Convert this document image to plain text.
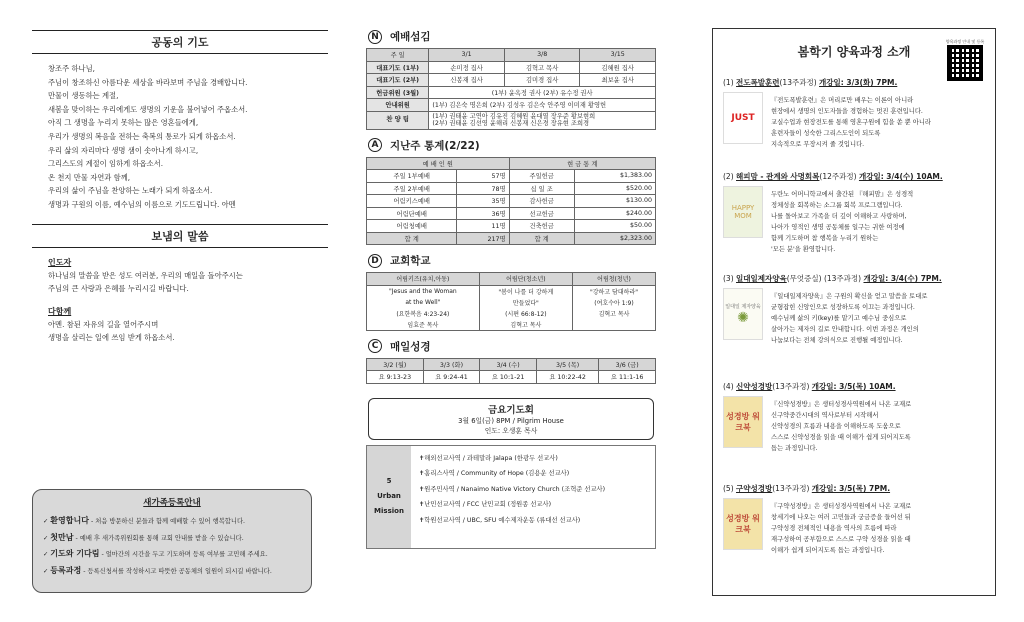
공동의 기도

창조주 하나님,

주님이 창조하신 아름다운 세상을 바라보며 주님을 경배합니다.

만물이 생동하는 계절,

새봄을 맞이하는 우리에게도 생명의 기운을 불어넣어 주옵소서.

아직 그 생명을 누리지 못하는 많은 영혼들에게,

우리가 생명의 복음을 전하는 축복의 통로가 되게 하옵소서.

우리 삶의 자리마다 생명 샘이 솟아나게 하시고,

그리스도의 계절이 임하게 하옵소서.

온 천지 만물 자연과 함께,

우리의 삶이 주님을 찬양하는 노래가 되게 하옵소서.

생명과 구원의 이름, 예수님의 이름으로 기도드립니다. 아멘

보냄의 말씀

인도자

하나님의 말씀을 받은 성도 여러분, 우리의 매일을 돌아주시는

주님의 큰 사랑과 은혜를 누리시길 바랍니다.

다함께

아멘. 참된 자유의 길을 열어주시며

생명을 살리는 일에 쓰임 받게 하옵소서.

새가족등록안내
✓ 환영합니다 - 처음 방문하신 분들과 함께 예배할 수 있어 행복합니다.
✓ 첫만남 - 예배 후 새가족위원회를 통해 교회 안내를 받을 수 있습니다.
✓ 기도와 기다림 - 얼마간의 시간을 두고 기도하며 등록 여부를 고민해 주세요.
✓ 등록과정 - 등록신청서를 작성하시고 따뜻한 공동체의 일원이 되시길 바랍니다.
N	예배섬김
주 일	3/1	3/8	3/15
대표기도 (1부)	손미정 집사	김혁고 목사	김혜원 집사
대표기도 (2부)	신봉재 집사	김미경 집사	최보윤 집사
헌금위원 (3월)	(1부) 윤옥정 권사 (2부) 유수정 권사		
안내위원	(1부) 김은숙 명은희 (2부) 김성우 김은숙 안주영 이미재 황영헌		
찬 양 팀	(1부) 권태윤 고연아 김유진 김혜원 윤대열 장우준 황보현희
(2부) 권태윤 김선영 윤해리 신봉재 신은경 장유현 조희경		
A	지난주 통계(2/22)
예 배 인 원		현 금 통 계	
주일 1부예배	57명	주일헌금	$1,383.00
주일 2부예배	78명	십 일 조	$520.00
어림키스예배	35명	감사헌금	$130.00
어림단예배	36명	선교헌금	$240.00
어림청예배	11명	건축헌금	$50.00
합 계	217명	합 계	$2,323.00
D	교회학교
어림키즈(유치,아동)	어림단(청소년)	어림청(청년)
"Jesus and the Woman	"봄이 나를 더 강하게	"강하고 담대하라"
at the Well"	만들었다"	(여호수아 1:9)
(요한복음 4:23-24)	(시편 66:8-12)	김혁고 목사
임효준 목사	김혁고 목사	
C	매일성경
3/2 (월)	3/3 (화)	3/4 (수)	3/5 (목)	3/6 (금)
요 9:13-23	요 9:24-41	요 10:1-21	요 10:22-42	요 11:1-16
금요기도회
3월 6일(금) 8PM / Pilgrim House
인도: 오생훈 목사
5
Urban
Mission
✝해외선교사역 / 과테말라 Jalapa (한광두 선교사)
✝홈리스사역 / Community of Hope (김용운 선교사)
✝원주민사역 / Nanaimo Native Victory Church (조혁준 선교사)
✝난민선교사역 / FCC 난민교회 (정원종 선교사)
✝학원선교사역 / UBC, SFU 예수제자운동 (류대선 선교사)
봄학기 양육과정 소개
양육과정 안내 및 등록
(1) 전도폭발훈련(13주과정) 개강일: 3/3(화) 7PM.
JUST
『전도폭발훈련』은 머리로만 배우는 이론이 아니라
현장에서 생명의 인도자들을 경험하는 멋진 훈련입니다.
교실수업과 현장전도를 통해 영혼구원에 힘을 쏟 뿐 아니라
훈련자들이 성숙한 그리스도인이 되도록
지속적으로 무장시켜 줄 것입니다.
(2) 해피맘 - 관계와 사명회복(12주과정) 개강일: 3/4(수) 10AM.
HAPPY MOM
두란노 어머니학교에서 출간된 『해피맘』은 성경적
정체성을 회복하는 소그룹 회복 프로그램입니다.
나를 돌아보고 가족을 더 깊이 이해하고 사랑하며,
나아가 영적인 생명 공동체를 일구는 귀한 여정에
함께 기도하며 참 행복을 누리기 원하는
'모든 분'을 환영합니다.
(3) 일대일제자양육(무엇증실) (13주과정) 개강일: 3/4(수) 7PM.
일대일 제자양육
✺
『일대일제자양육』은 구원의 확신을 얻고 말씀을 토대로
균형잡힌 신앙인으로 성장하도록 이끄는 과정입니다.
예수님께 삶의 키(key)를 맡기고 예수님 중심으로
살아가는 제자의 길로 안내합니다. 이번 과정은 개인의
나눔보다는 전체 강의식으로 진행될 예정입니다.
(4) 신약성경방(13주과정) 개강일: 3/5(목) 10AM.
성경방 워크북
『신약성경방』은 생터성경사역원에서 나온 교재로
신구약중간시대의 역사로부터 시작해서
신약성경의 흐름과 내용을 이해하도록 도움으로
스스로 신약성경을 읽을 때 이해가 쉽게 되어지도록
돕는 과정입니다.
(5) 구약성경방(13주과정) 개강일: 3/5(목) 7PM.
성경방 워크북
『구약성경방』은 생터성경사역원에서 나온 교재로
창세기에 나오는 여러 고민들과 궁금증을 들어선 뒤
구약성경 전체적인 내용을 역사의 흐름에 따라
재구성하여 공부함으로 스스로 구약 성경을 읽을 때
이해가 쉽게 되어지도록 돕는 과정입니다.
